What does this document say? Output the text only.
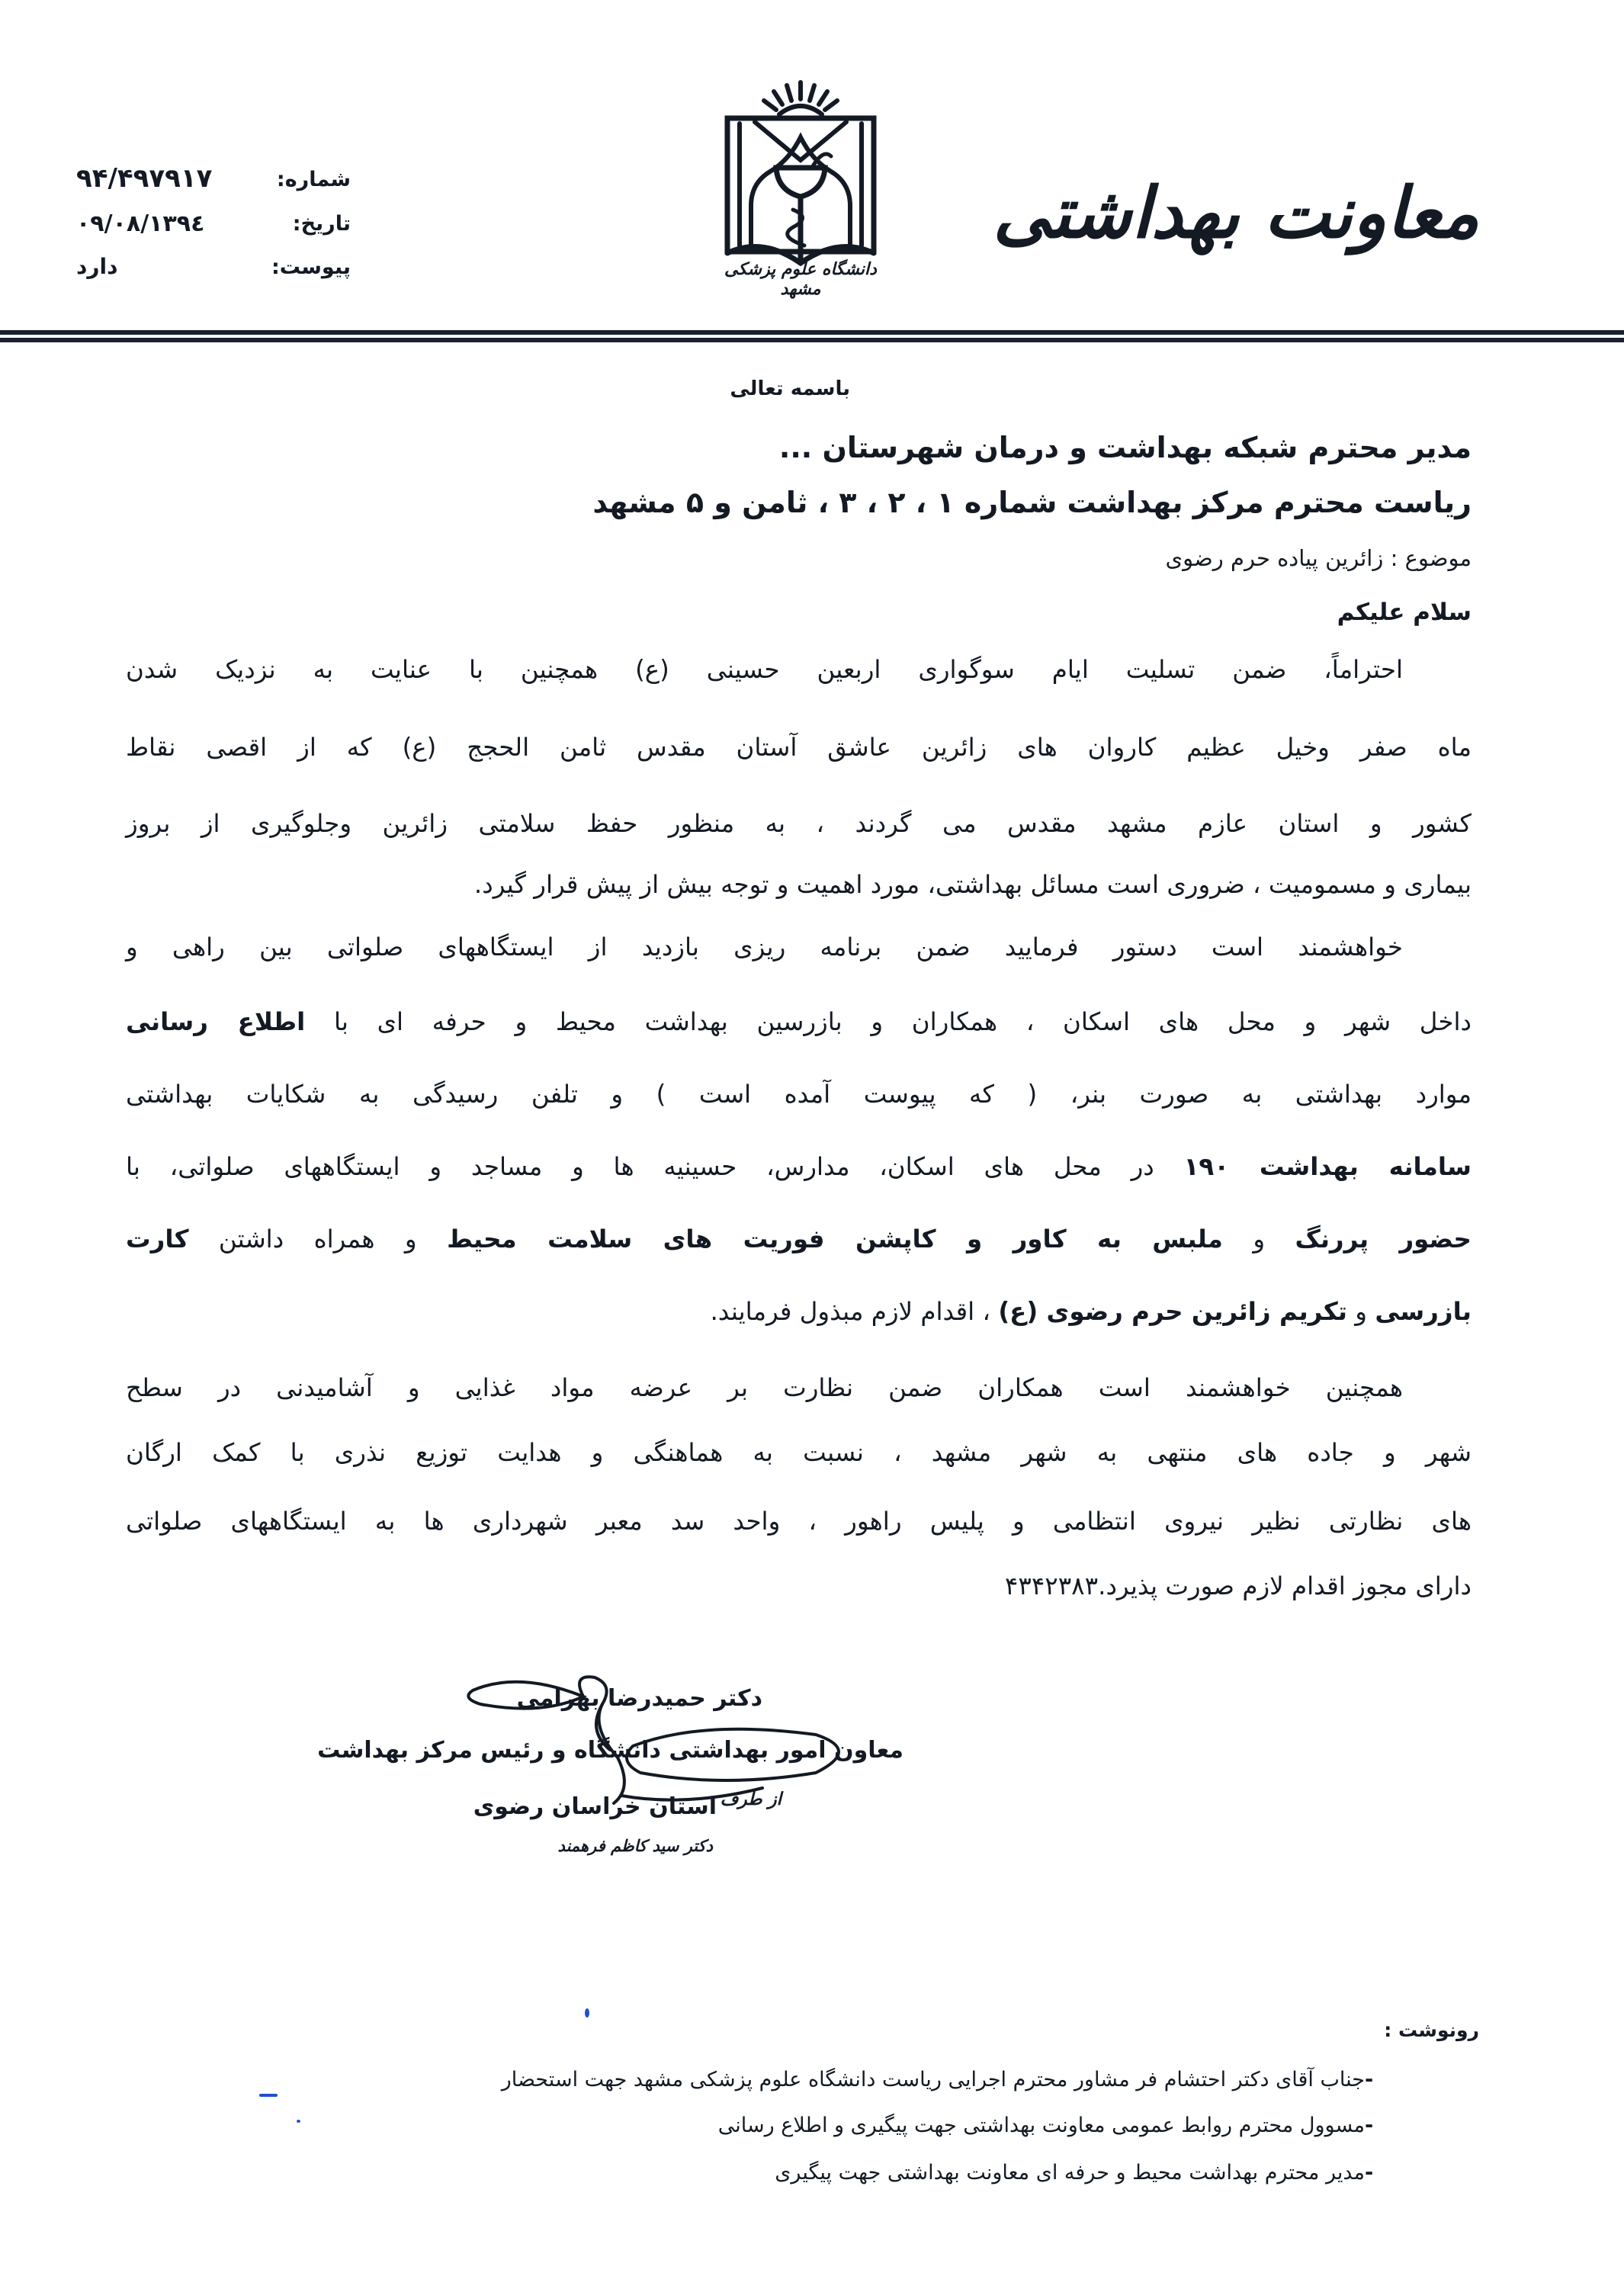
شماره:
۹۴/۴۹۷۹۱۷
تاریخ:
۱۳۹٤/۰۹/۰۸
پیوست:
دارد	دانشگاه علوم پزشکی مشهد
معاونت بهداشتی
باسمه تعالی
مدیر محترم شبکه بهداشت و درمان شهرستان ...
ریاست محترم مرکز بهداشت شماره ۱ ، ۲ ، ۳ ، ثامن و ۵ مشهد
موضوع : زائرین پیاده حرم رضوی
سلام علیکم
احتراماً، ضمن تسلیت ایام سوگواری اربعین حسینی (ع) همچنین با عنایت به نزدیک شدن
ماه صفر وخیل عظیم کاروان های زائرین عاشق آستان مقدس ثامن الحجج (ع) که از اقصی نقاط
کشور و استان عازم مشهد مقدس می گردند ، به منظور حفظ سلامتی زائرین وجلوگیری از بروز
بیماری و مسمومیت ، ضروری است مسائل بهداشتی، مورد اهمیت و توجه بیش از پیش قرار گیرد.
خواهشمند است دستور فرمایید ضمن برنامه ریزی بازدید از ایستگاههای صلواتی بین راهی و
داخل شهر و محل های اسکان ، همکاران و بازرسین بهداشت محیط و حرفه ای با اطلاع رسانی
موارد بهداشتی به صورت بنر، ( که پیوست آمده است ) و تلفن رسیدگی به شکایات بهداشتی
سامانه بهداشت ۱۹۰ در محل های اسکان، مدارس، حسینیه ها و مساجد و ایستگاههای صلواتی، با
حضور پررنگ و ملبس به کاور و کاپشن فوریت های سلامت محیط و همراه داشتن کارت
بازرسی و تکریم زائرین حرم رضوی (ع) ، اقدام لازم مبذول فرمایند.
همچنین خواهشمند است همکاران ضمن نظارت بر عرضه مواد غذایی و آشامیدنی در سطح
شهر و جاده های منتهی به شهر مشهد ، نسبت به هماهنگی و هدایت توزیع نذری با کمک ارگان
های نظارتی نظیر نیروی انتظامی و پلیس راهور ، واحد سد معبر شهرداری ها به ایستگاههای صلواتی
دارای مجوز اقدام لازم صورت پذیرد.۴۳۴۲۳۸۳
دکتر حمیدرضا بهرامی
معاون امور بهداشتی دانشگاه و رئیس مرکز بهداشت
از طرف
استان خراسان رضوی
دکتر سید کاظم فرهمند
رونوشت :
-
جناب آقای دکتر احتشام فر مشاور محترم اجرایی ریاست دانشگاه علوم پزشکی مشهد جهت استحضار
-
مسوول محترم روابط عمومی معاونت بهداشتی جهت پیگیری و اطلاع رسانی
-
مدیر محترم بهداشت محیط و حرفه ای معاونت بهداشتی جهت پیگیری
